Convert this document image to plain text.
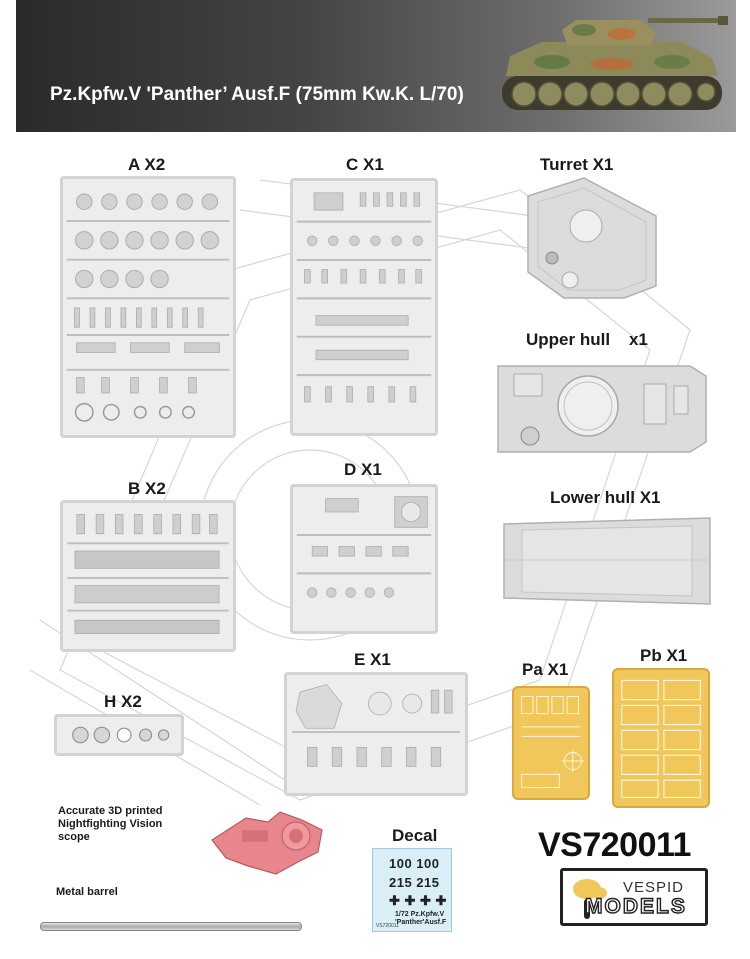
Pz.Kpfw.V 'Panther’ Ausf.F (75mm Kw.K. L/70)
A X2	C X1	Turret X1
Upper hull    x1
B X2
D X1
Lower hull X1
E X1
Pa X1
Pb X1
H X2
Accurate 3D printed
Nightfighting Vision
scope
Metal barrel
Decal
100 100
215 215
✚ ✚ ✚ ✚
1/72 Pz.Kpfw.V
'Panther'Ausf.F
VS720011
VS720011
VESPID
MODELS
